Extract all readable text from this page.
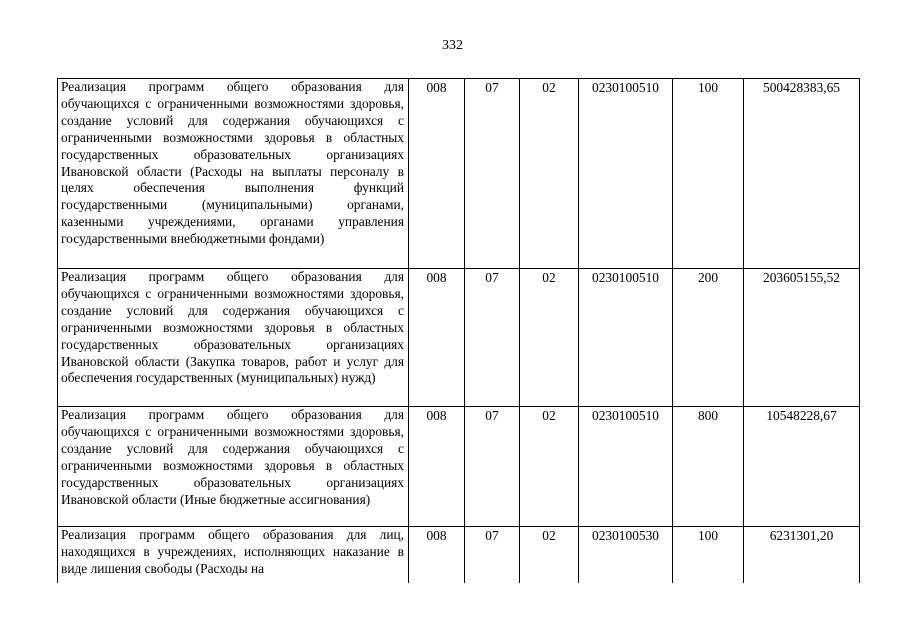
332
Реализация программ общего образования для обучающихся с ограниченными возможностями здоровья, создание условий для содержания обучающихся с ограниченными возможностями здоровья в областных государственных образовательных организациях Ивановской области (Расходы на выплаты персоналу в целях обеспечения выполнения функций государственными (муниципальными) органами, казенными учреждениями, органами управления государственными внебюджетными фондами)	008	07	02	0230100510	100	500428383,65
Реализация программ общего образования для обучающихся с ограниченными возможностями здоровья, создание условий для содержания обучающихся с ограниченными возможностями здоровья в областных государственных образовательных организациях Ивановской области (Закупка товаров, работ и услуг для обеспечения государственных (муниципальных) нужд)	008	07	02	0230100510	200	203605155,52
Реализация программ общего образования для обучающихся с ограниченными возможностями здоровья, создание условий для содержания обучающихся с ограниченными возможностями здоровья в областных государственных образовательных организациях Ивановской области (Иные бюджетные ассигнования)	008	07	02	0230100510	800	10548228,67
Реализация программ общего образования для лиц, находящихся в учреждениях, исполняющих наказание в виде лишения свободы (Расходы на	008	07	02	0230100530	100	6231301,20
